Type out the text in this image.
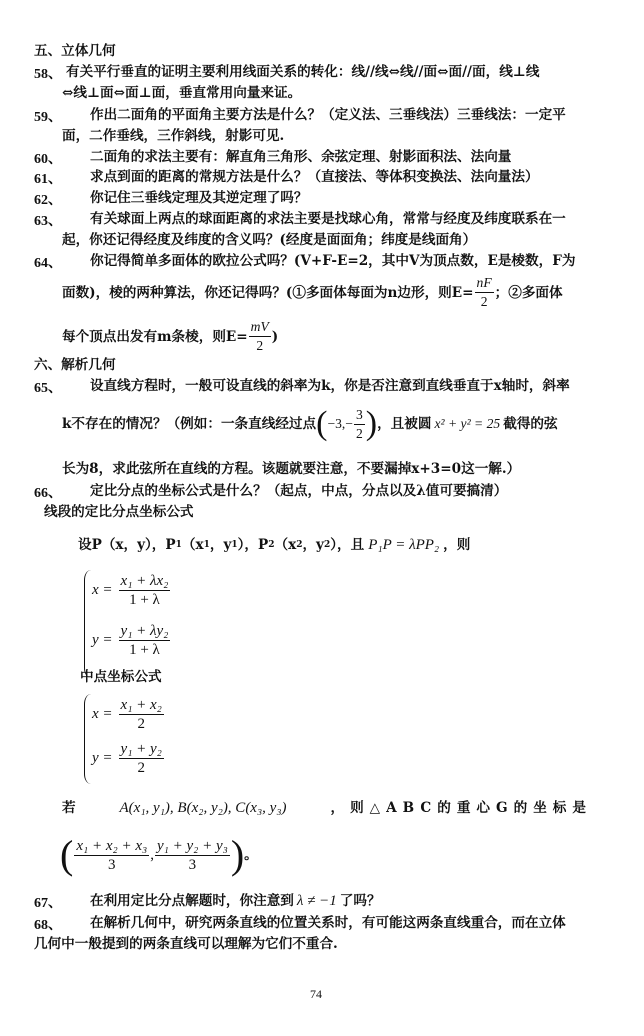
五、立体几何
58、 有关平行垂直的证明主要利用线面关系的转化：线//线⇔线//面⇔面//面，线⊥线
⇔线⊥面⇔面⊥面，垂直常用向量来证。
59、 作出二面角的平面角主要方法是什么？（定义法、三垂线法）三垂线法：一定平
面，二作垂线，三作斜线，射影可见.
60、 二面角的求法主要有：解直角三角形、余弦定理、射影面积法、法向量
61、 求点到面的距离的常规方法是什么？（直接法、等体积变换法、法向量法）
62、 你记住三垂线定理及其逆定理了吗？
63、 有关球面上两点的球面距离的求法主要是找球心角，常常与经度及纬度联系在一
起，你还记得经度及纬度的含义吗？(经度是面面角；纬度是线面角）
64、 你记得简单多面体的欧拉公式吗？(V+F-E=2，其中V为顶点数，E是棱数，F为
面数)，棱的两种算法，你还记得吗？(①多面体每面为n边形，则$E= \frac{nF}{2}$ ；②多面体
每个顶点出发有m条棱，则$E= \frac{mV}{2}$ )
六、解析几何
65、 设直线方程时，一般可设直线的斜率为k，你是否注意到直线垂直于x轴时，斜率
k不存在的情况？（例如：一条直线经过点 ( $-3,- \frac{3}{2}$ ) ，且被圆 x² + y² = 25 截得的弦
长为8，求此弦所在直线的方程。该题就要注意，不要漏掉x+3=0这一解.）
66、 定比分点的坐标公式是什么？（起点，中点，分点以及λ值可要搞清）
线段的定比分点坐标公式
设P（x，y），P 1 （x 1 ，y 1 ），P 2 （x 2 ，y 2 ），且 P₁P = λPP₂ ，则
$x = \frac{\text{x₁ + λx₂}}{1 + \lambda}$
$y = \frac{\text{y₁ + λy₂}}{1 + \lambda}$
中点坐标公式
$x = \frac{\text{x₁ + x₂}}{2}$
$y = \frac{\text{y₁ + y₂}}{2}$
若	A(x₁, y₁), B(x₂, y₂), C(x₃, y₃)	，则△ABC的重心G的坐标是
( $\frac{\text{x₁ + x₂ + x₃}}{3}$ , $\frac{\text{y₁ + y₂ + y₃}}{3}$ ) 。
67、 在利用定比分点解题时，你注意到 λ ≠ −1 了吗？
68、 在解析几何中，研究两条直线的位置关系时，有可能这两条直线重合，而在立体
几何中一般提到的两条直线可以理解为它们不重合.
74
